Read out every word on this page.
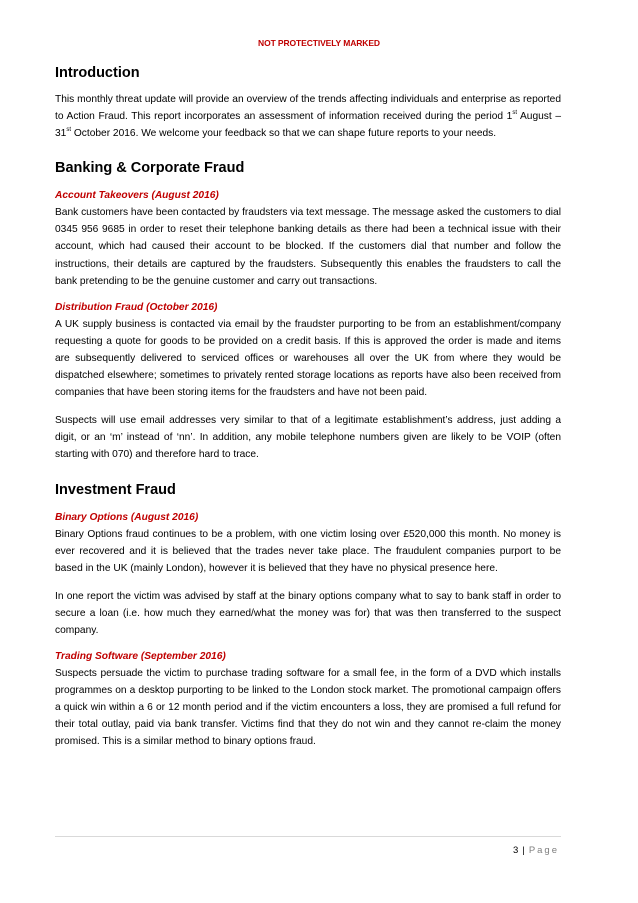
NOT PROTECTIVELY MARKED
Introduction

This monthly threat update will provide an overview of the trends affecting individuals and enterprise as reported to Action Fraud. This report incorporates an assessment of information received during the period 1st August – 31st October 2016. We welcome your feedback so that we can shape future reports to your needs.

Banking & Corporate Fraud
Account Takeovers (August 2016)

Bank customers have been contacted by fraudsters via text message. The message asked the customers to dial 0345 956 9685 in order to reset their telephone banking details as there had been a technical issue with their account, which had caused their account to be blocked. If the customers dial that number and follow the instructions, their details are captured by the fraudsters. Subsequently this enables the fraudsters to call the bank pretending to be the genuine customer and carry out transactions.

Distribution Fraud (October 2016)

A UK supply business is contacted via email by the fraudster purporting to be from an establishment/company requesting a quote for goods to be provided on a credit basis. If this is approved the order is made and items are subsequently delivered to serviced offices or warehouses all over the UK from where they would be dispatched elsewhere; sometimes to privately rented storage locations as reports have also been received from companies that have been storing items for the fraudsters and have not been paid.

Suspects will use email addresses very similar to that of a legitimate establishment’s address, just adding a digit, or an ‘m’ instead of ‘nn’. In addition, any mobile telephone numbers given are likely to be VOIP (often starting with 070) and therefore hard to trace.

Investment Fraud
Binary Options (August 2016)

Binary Options fraud continues to be a problem, with one victim losing over £520,000 this month. No money is ever recovered and it is believed that the trades never take place. The fraudulent companies purport to be based in the UK (mainly London), however it is believed that they have no physical presence here.

In one report the victim was advised by staff at the binary options company what to say to bank staff in order to secure a loan (i.e. how much they earned/what the money was for) that was then transferred to the suspect company.

Trading Software (September 2016)

Suspects persuade the victim to purchase trading software for a small fee, in the form of a DVD which installs programmes on a desktop purporting to be linked to the London stock market. The promotional campaign offers a quick win within a 6 or 12 month period and if the victim encounters a loss, they are promised a full refund for their total outlay, paid via bank transfer. Victims find that they do not win and they cannot re-claim the money promised. This is a similar method to binary options fraud.

3 | Page
